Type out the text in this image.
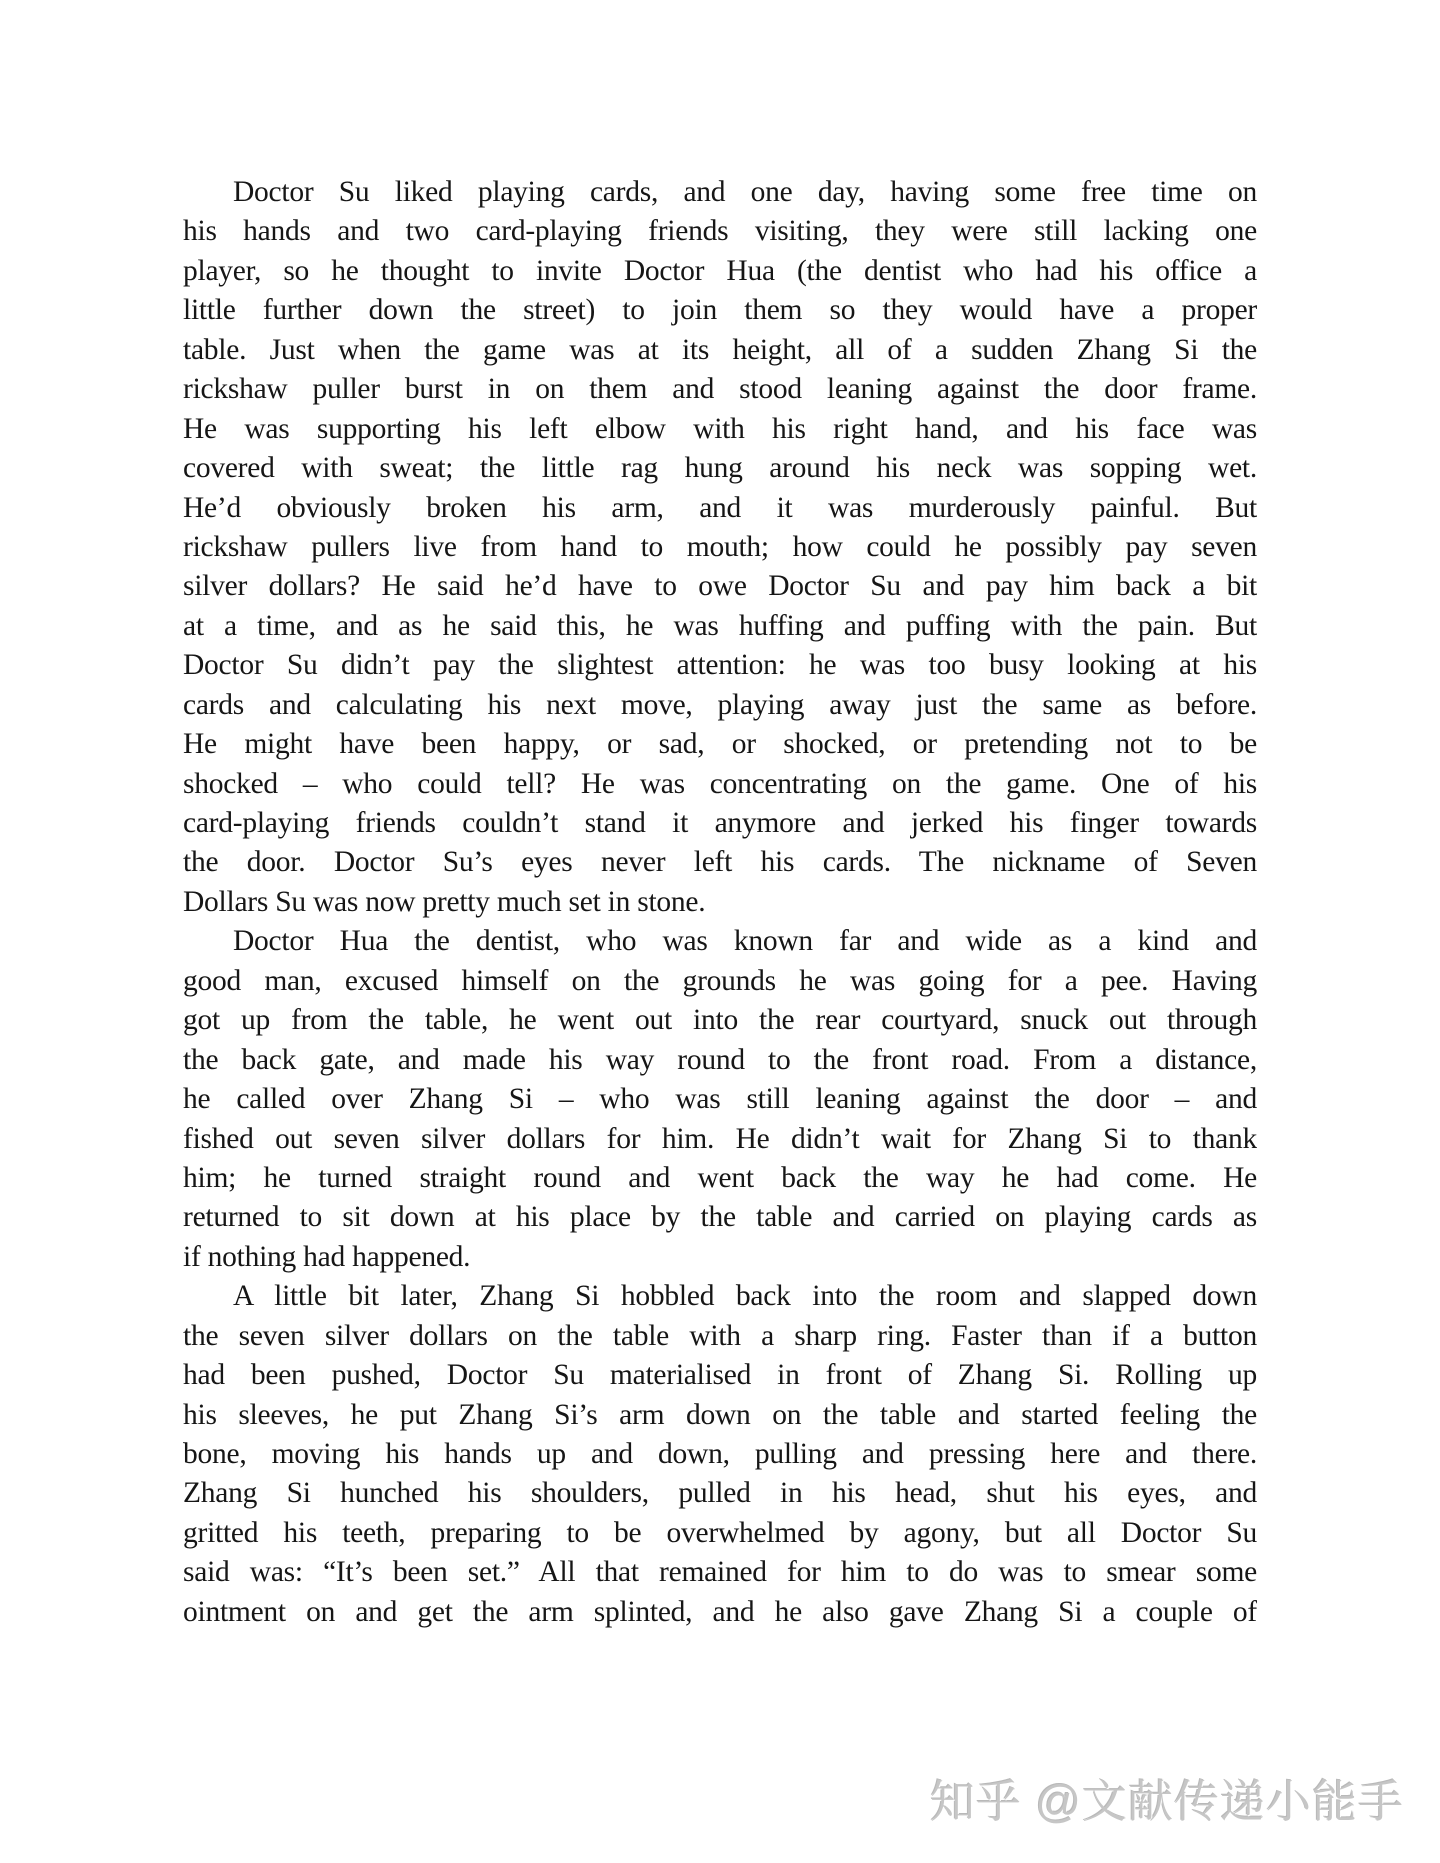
Doctor Su liked playing cards, and one day, having some free time on
his hands and two card-playing friends visiting, they were still lacking one
player, so he thought to invite Doctor Hua (the dentist who had his office a
little further down the street) to join them so they would have a proper
table. Just when the game was at its height, all of a sudden Zhang Si the
rickshaw puller burst in on them and stood leaning against the door frame.
He was supporting his left elbow with his right hand, and his face was
covered with sweat; the little rag hung around his neck was sopping wet.
He’d obviously broken his arm, and it was murderously painful. But
rickshaw pullers live from hand to mouth; how could he possibly pay seven
silver dollars? He said he’d have to owe Doctor Su and pay him back a bit
at a time, and as he said this, he was huffing and puffing with the pain. But
Doctor Su didn’t pay the slightest attention: he was too busy looking at his
cards and calculating his next move, playing away just the same as before.
He might have been happy, or sad, or shocked, or pretending not to be
shocked – who could tell? He was concentrating on the game. One of his
card-playing friends couldn’t stand it anymore and jerked his finger towards
the door. Doctor Su’s eyes never left his cards. The nickname of Seven
Dollars Su was now pretty much set in stone.
Doctor Hua the dentist, who was known far and wide as a kind and
good man, excused himself on the grounds he was going for a pee. Having
got up from the table, he went out into the rear courtyard, snuck out through
the back gate, and made his way round to the front road. From a distance,
he called over Zhang Si – who was still leaning against the door – and
fished out seven silver dollars for him. He didn’t wait for Zhang Si to thank
him; he turned straight round and went back the way he had come. He
returned to sit down at his place by the table and carried on playing cards as
if nothing had happened.
A little bit later, Zhang Si hobbled back into the room and slapped down
the seven silver dollars on the table with a sharp ring. Faster than if a button
had been pushed, Doctor Su materialised in front of Zhang Si. Rolling up
his sleeves, he put Zhang Si’s arm down on the table and started feeling the
bone, moving his hands up and down, pulling and pressing here and there.
Zhang Si hunched his shoulders, pulled in his head, shut his eyes, and
gritted his teeth, preparing to be overwhelmed by agony, but all Doctor Su
said was: “It’s been set.” All that remained for him to do was to smear some
ointment on and get the arm splinted, and he also gave Zhang Si a couple of
知乎 @文献传递小能手
